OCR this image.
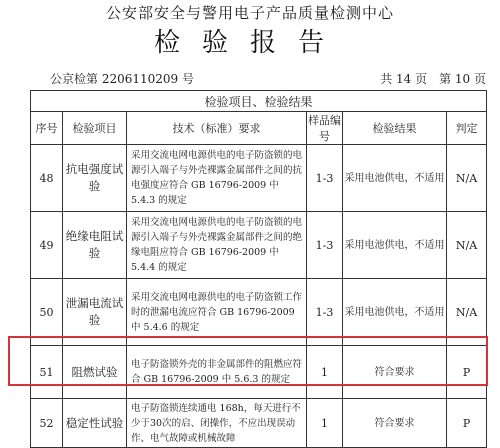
公安部安全与警用电子产品质量检测中心
检验报告
公京检第 2206110209 号	共 14 页　第 10 页
检验项目、检验结果					
序号	检验项目	技术（标准）要求	样品编号	检验结果	判定
48	抗电强度试验	采用交流电网电源供电的电子防盗锁的电源引入端子与外壳裸露金属部件之间的抗电强度应符合 GB 16796-2009 中 5.4.3 的规定	1-3	采用电池供电，不适用	N/A
49	绝缘电阻试验	采用交流电网电源供电的电子防盗锁的电源引入端子与外壳裸露金属部件之间的绝缘电阻应符合 GB 16796-2009 中 5.4.4 的规定	1-3	采用电池供电，不适用	N/A
50	泄漏电流试验	采用交流电网电源供电的电子防盗锁工作时的泄漏电流应符合 GB 16796-2009 中 5.4.6 的规定	1-3	采用电池供电，不适用	N/A
51	阻燃试验	电子防盗锁外壳的非金属部件的阻燃应符合 GB 16796-2009 中 5.6.3 的规定	1	符合要求	P
52	稳定性试验	电子防盗锁连续通电 168h，每天进行不少于30次的启、闭操作，不应出现误动作、电气故障或机械故障	1	符合要求	P
